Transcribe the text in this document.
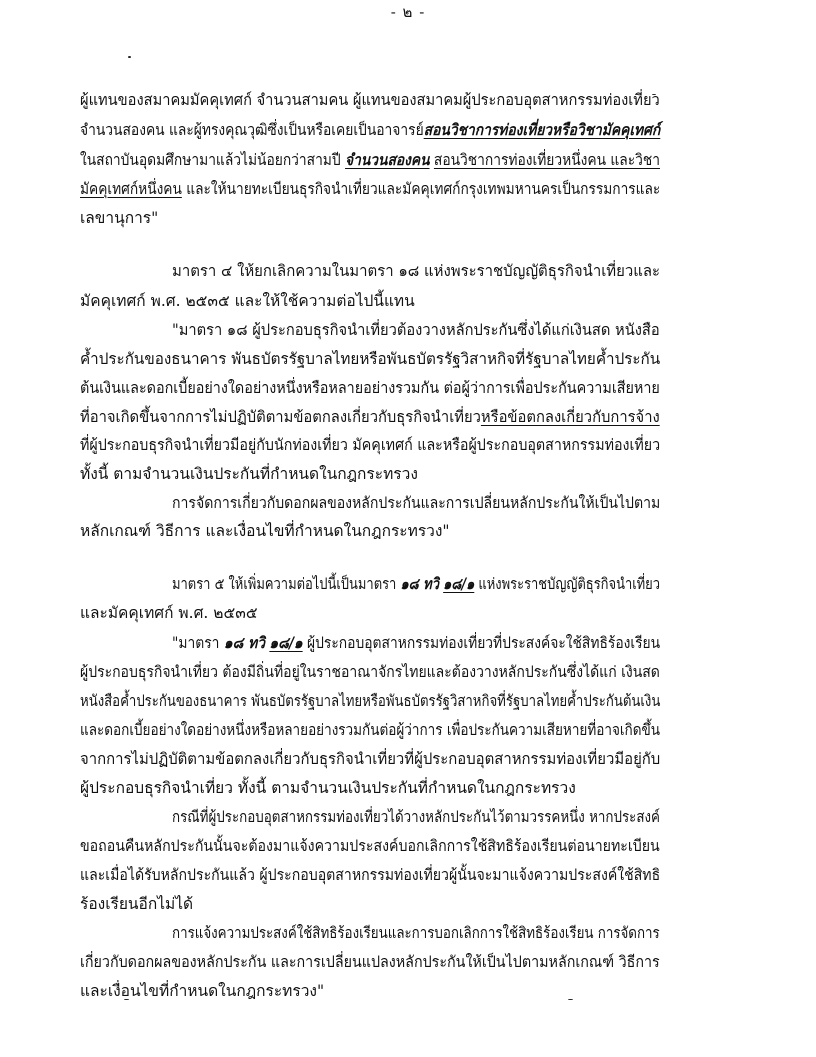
- ๒ -
ผู้แทนของสมาคมมัคคุเทศก์ จำนวนสามคน ผู้แทนของสมาคมผู้ประกอบอุตสาหกรรมท่องเที่ยว
จำนวนสองคน และผู้ทรงคุณวุฒิซึ่งเป็นหรือเคยเป็นอาจารย์สอนวิชาการท่องเที่ยวหรือวิชามัคคุเทศก์
ในสถาบันอุดมศึกษามาแล้วไม่น้อยกว่าสามปี จำนวนสองคน สอนวิชาการท่องเที่ยวหนึ่งคน และวิชา
มัคคุเทศก์หนึ่งคน และให้นายทะเบียนธุรกิจนำเที่ยวและมัคคุเทศก์กรุงเทพมหานครเป็นกรรมการและ
เลขานุการ"
มาตรา ๔ ให้ยกเลิกความในมาตรา ๑๘ แห่งพระราชบัญญัติธุรกิจนำเที่ยวและ
มัคคุเทศก์ พ.ศ. ๒๕๓๕ และให้ใช้ความต่อไปนี้แทน
"มาตรา ๑๘ ผู้ประกอบธุรกิจนำเที่ยวต้องวางหลักประกันซึ่งได้แก่เงินสด หนังสือ
ค้ำประกันของธนาคาร พันธบัตรรัฐบาลไทยหรือพันธบัตรรัฐวิสาหกิจที่รัฐบาลไทยค้ำประกัน
ต้นเงินและดอกเบี้ยอย่างใดอย่างหนึ่งหรือหลายอย่างรวมกัน ต่อผู้ว่าการเพื่อประกันความเสียหาย
ที่อาจเกิดขึ้นจากการไม่ปฏิบัติตามข้อตกลงเกี่ยวกับธุรกิจนำเที่ยวหรือข้อตกลงเกี่ยวกับการจ้าง
ที่ผู้ประกอบธุรกิจนำเที่ยวมีอยู่กับนักท่องเที่ยว มัคคุเทศก์ และหรือผู้ประกอบอุตสาหกรรมท่องเที่ยว
ทั้งนี้ ตามจำนวนเงินประกันที่กำหนดในกฎกระทรวง
การจัดการเกี่ยวกับดอกผลของหลักประกันและการเปลี่ยนหลักประกันให้เป็นไปตาม
หลักเกณฑ์ วิธีการ และเงื่อนไขที่กำหนดในกฎกระทรวง"
มาตรา ๕ ให้เพิ่มความต่อไปนี้เป็นมาตรา ๑๘ ทวิ ๑๘/๑ แห่งพระราชบัญญัติธุรกิจนำเที่ยว
และมัคคุเทศก์ พ.ศ. ๒๕๓๕
"มาตรา ๑๘ ทวิ ๑๘/๑ ผู้ประกอบอุตสาหกรรมท่องเที่ยวที่ประสงค์จะใช้สิทธิร้องเรียน
ผู้ประกอบธุรกิจนำเที่ยว ต้องมีถิ่นที่อยู่ในราชอาณาจักรไทยและต้องวางหลักประกันซึ่งได้แก่ เงินสด
หนังสือค้ำประกันของธนาคาร พันธบัตรรัฐบาลไทยหรือพันธบัตรรัฐวิสาหกิจที่รัฐบาลไทยค้ำประกันต้นเงิน
และดอกเบี้ยอย่างใดอย่างหนึ่งหรือหลายอย่างรวมกันต่อผู้ว่าการ เพื่อประกันความเสียหายที่อาจเกิดขึ้น
จากการไม่ปฏิบัติตามข้อตกลงเกี่ยวกับธุรกิจนำเที่ยวที่ผู้ประกอบอุตสาหกรรมท่องเที่ยวมีอยู่กับ
ผู้ประกอบธุรกิจนำเที่ยว ทั้งนี้ ตามจำนวนเงินประกันที่กำหนดในกฎกระทรวง
กรณีที่ผู้ประกอบอุตสาหกรรมท่องเที่ยวได้วางหลักประกันไว้ตามวรรคหนึ่ง หากประสงค์
ขอถอนคืนหลักประกันนั้นจะต้องมาแจ้งความประสงค์บอกเลิกการใช้สิทธิร้องเรียนต่อนายทะเบียน
และเมื่อได้รับหลักประกันแล้ว ผู้ประกอบอุตสาหกรรมท่องเที่ยวผู้นั้นจะมาแจ้งความประสงค์ใช้สิทธิ
ร้องเรียนอีกไม่ได้
การแจ้งความประสงค์ใช้สิทธิร้องเรียนและการบอกเลิกการใช้สิทธิร้องเรียน การจัดการ
เกี่ยวกับดอกผลของหลักประกัน และการเปลี่ยนแปลงหลักประกันให้เป็นไปตามหลักเกณฑ์ วิธีการ
และเงื่อนไขที่กำหนดในกฎกระทรวง"
